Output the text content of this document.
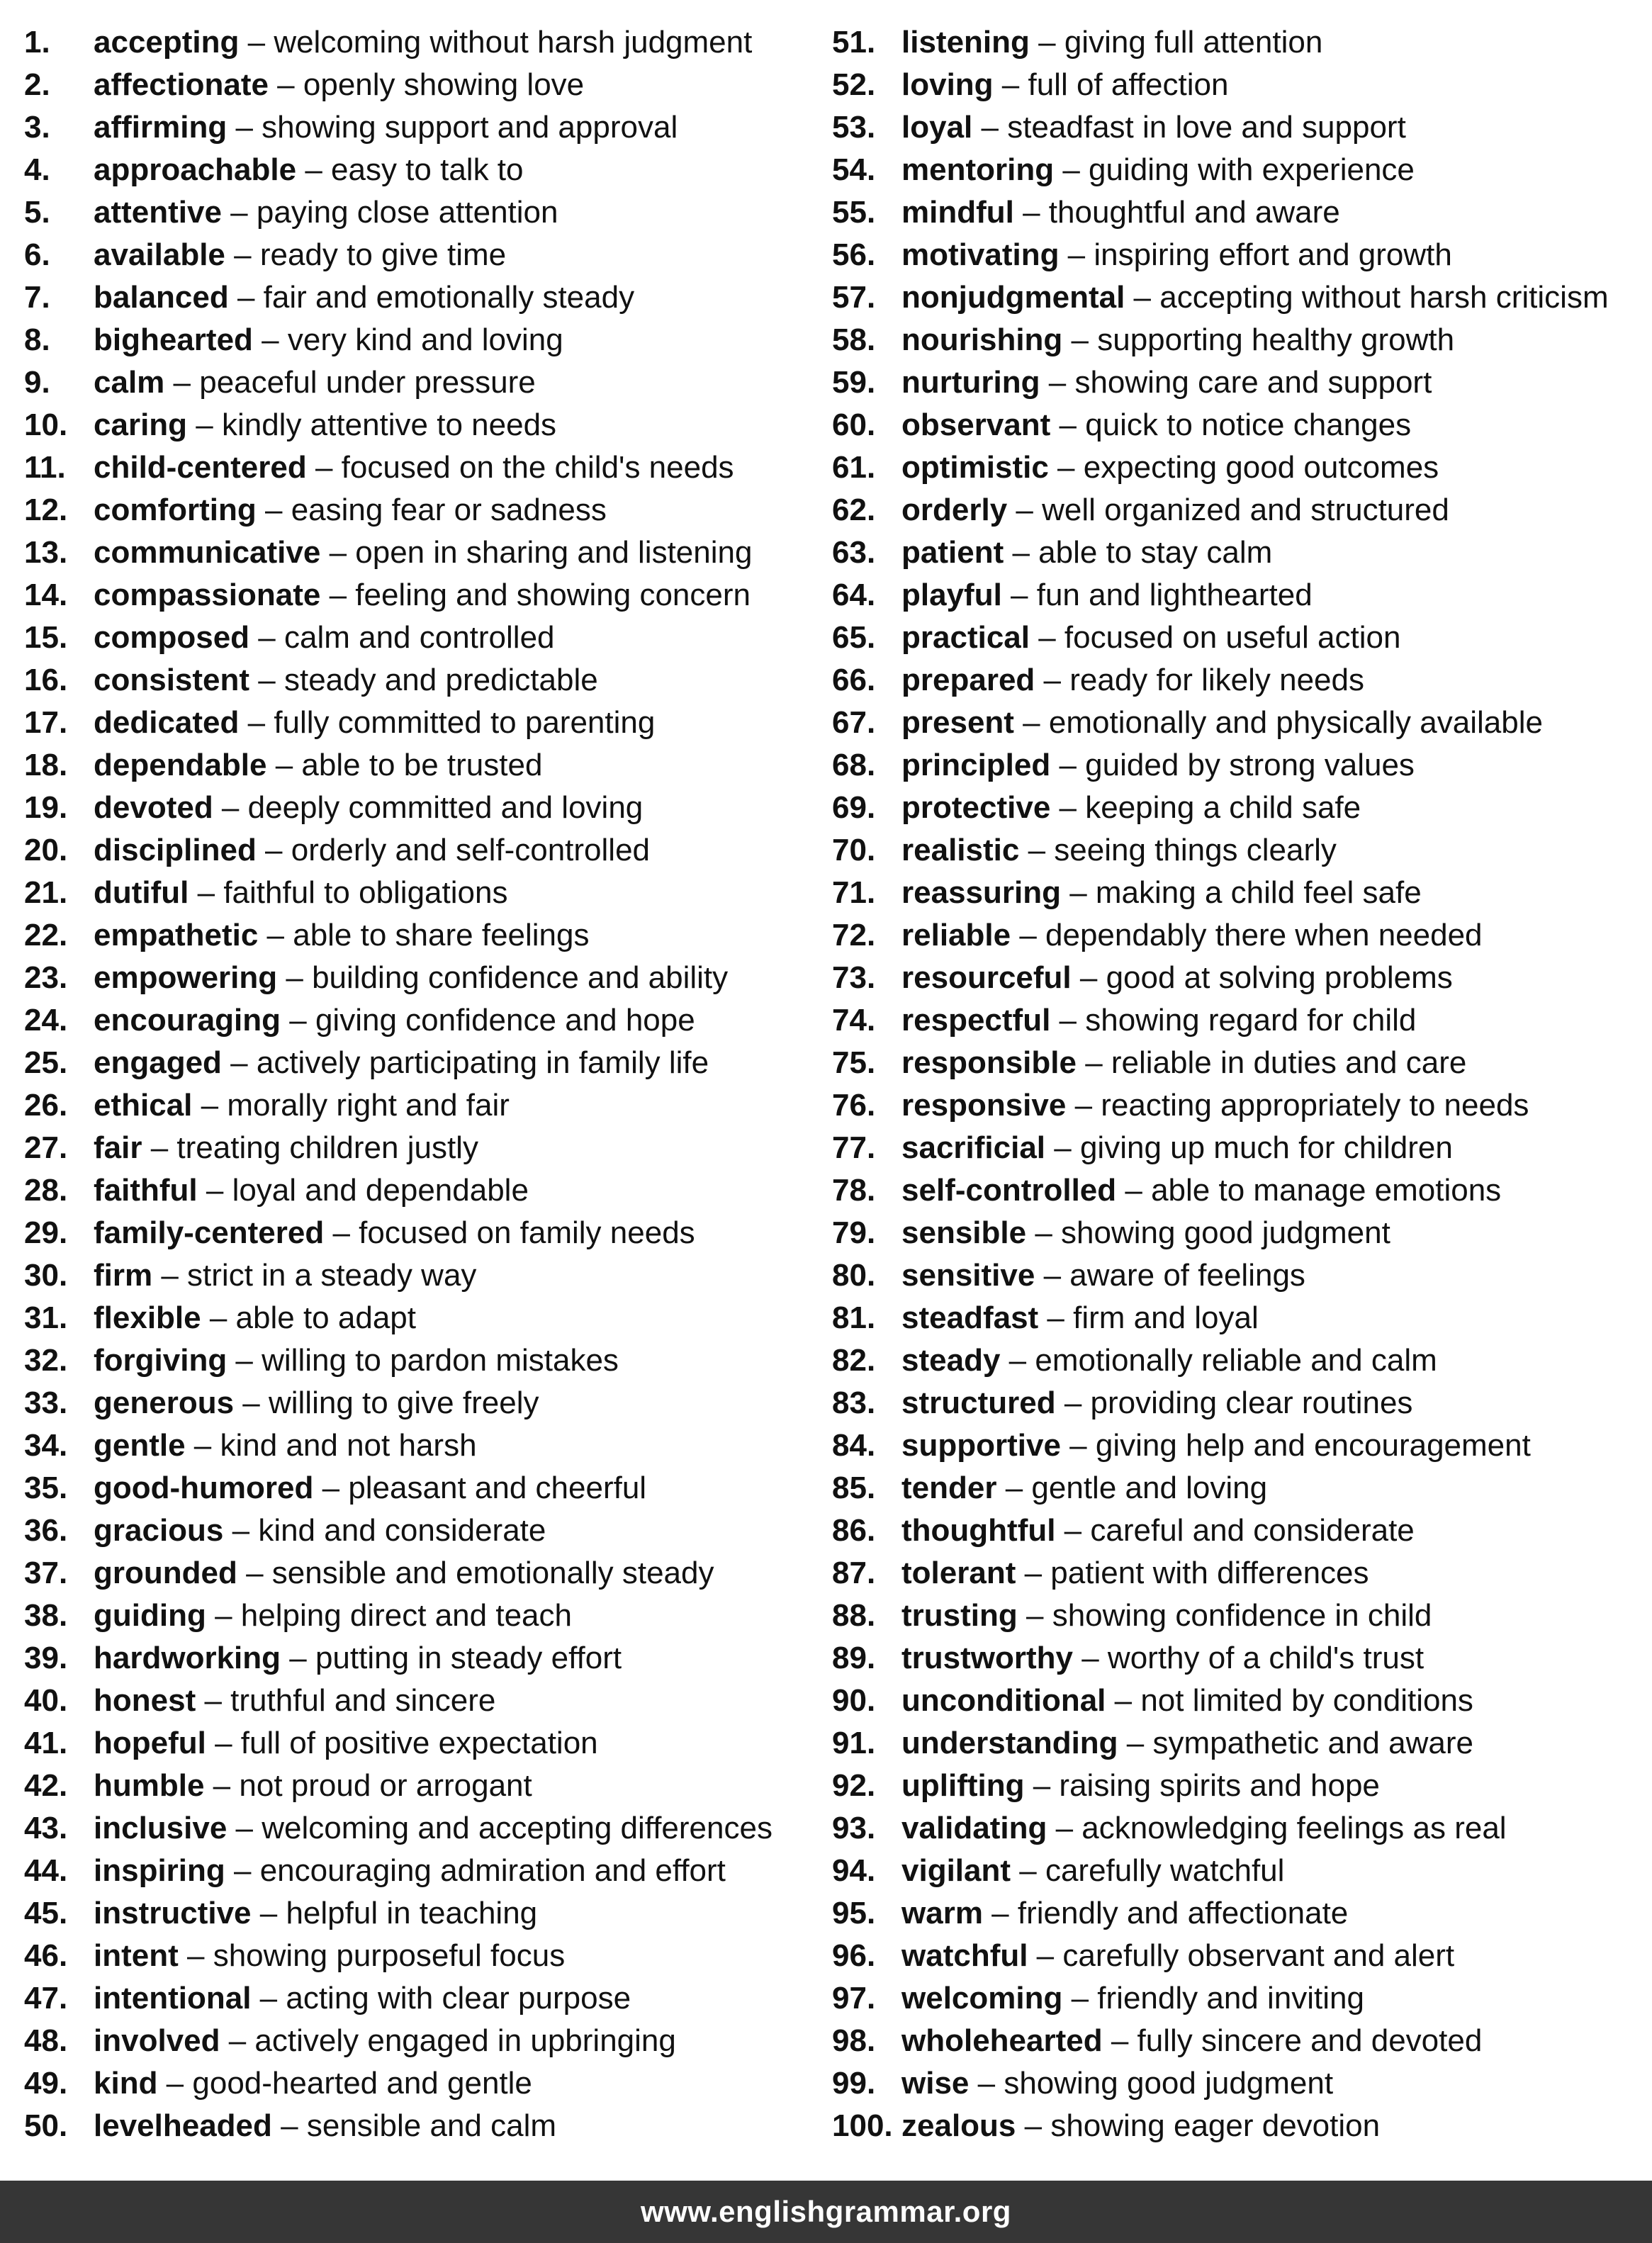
1. accepting – welcoming without harsh judgment
2. affectionate – openly showing love
3. affirming – showing support and approval
4. approachable – easy to talk to
5. attentive – paying close attention
6. available – ready to give time
7. balanced – fair and emotionally steady
8. bighearted – very kind and loving
9. calm – peaceful under pressure
10. caring – kindly attentive to needs
11. child-centered – focused on the child's needs
12. comforting – easing fear or sadness
13. communicative – open in sharing and listening
14. compassionate – feeling and showing concern
15. composed – calm and controlled
16. consistent – steady and predictable
17. dedicated – fully committed to parenting
18. dependable – able to be trusted
19. devoted – deeply committed and loving
20. disciplined – orderly and self-controlled
21. dutiful – faithful to obligations
22. empathetic – able to share feelings
23. empowering – building confidence and ability
24. encouraging – giving confidence and hope
25. engaged – actively participating in family life
26. ethical – morally right and fair
27. fair – treating children justly
28. faithful – loyal and dependable
29. family-centered – focused on family needs
30. firm – strict in a steady way
31. flexible – able to adapt
32. forgiving – willing to pardon mistakes
33. generous – willing to give freely
34. gentle – kind and not harsh
35. good-humored – pleasant and cheerful
36. gracious – kind and considerate
37. grounded – sensible and emotionally steady
38. guiding – helping direct and teach
39. hardworking – putting in steady effort
40. honest – truthful and sincere
41. hopeful – full of positive expectation
42. humble – not proud or arrogant
43. inclusive – welcoming and accepting differences
44. inspiring – encouraging admiration and effort
45. instructive – helpful in teaching
46. intent – showing purposeful focus
47. intentional – acting with clear purpose
48. involved – actively engaged in upbringing
49. kind – good-hearted and gentle
50. levelheaded – sensible and calm
51. listening – giving full attention
52. loving – full of affection
53. loyal – steadfast in love and support
54. mentoring – guiding with experience
55. mindful – thoughtful and aware
56. motivating – inspiring effort and growth
57. nonjudgmental – accepting without harsh criticism
58. nourishing – supporting healthy growth
59. nurturing – showing care and support
60. observant – quick to notice changes
61. optimistic – expecting good outcomes
62. orderly – well organized and structured
63. patient – able to stay calm
64. playful – fun and lighthearted
65. practical – focused on useful action
66. prepared – ready for likely needs
67. present – emotionally and physically available
68. principled – guided by strong values
69. protective – keeping a child safe
70. realistic – seeing things clearly
71. reassuring – making a child feel safe
72. reliable – dependably there when needed
73. resourceful – good at solving problems
74. respectful – showing regard for child
75. responsible – reliable in duties and care
76. responsive – reacting appropriately to needs
77. sacrificial – giving up much for children
78. self-controlled – able to manage emotions
79. sensible – showing good judgment
80. sensitive – aware of feelings
81. steadfast – firm and loyal
82. steady – emotionally reliable and calm
83. structured – providing clear routines
84. supportive – giving help and encouragement
85. tender – gentle and loving
86. thoughtful – careful and considerate
87. tolerant – patient with differences
88. trusting – showing confidence in child
89. trustworthy – worthy of a child's trust
90. unconditional – not limited by conditions
91. understanding – sympathetic and aware
92. uplifting – raising spirits and hope
93. validating – acknowledging feelings as real
94. vigilant – carefully watchful
95. warm – friendly and affectionate
96. watchful – carefully observant and alert
97. welcoming – friendly and inviting
98. wholehearted – fully sincere and devoted
99. wise – showing good judgment
100. zealous – showing eager devotion
www.englishgrammar.org
